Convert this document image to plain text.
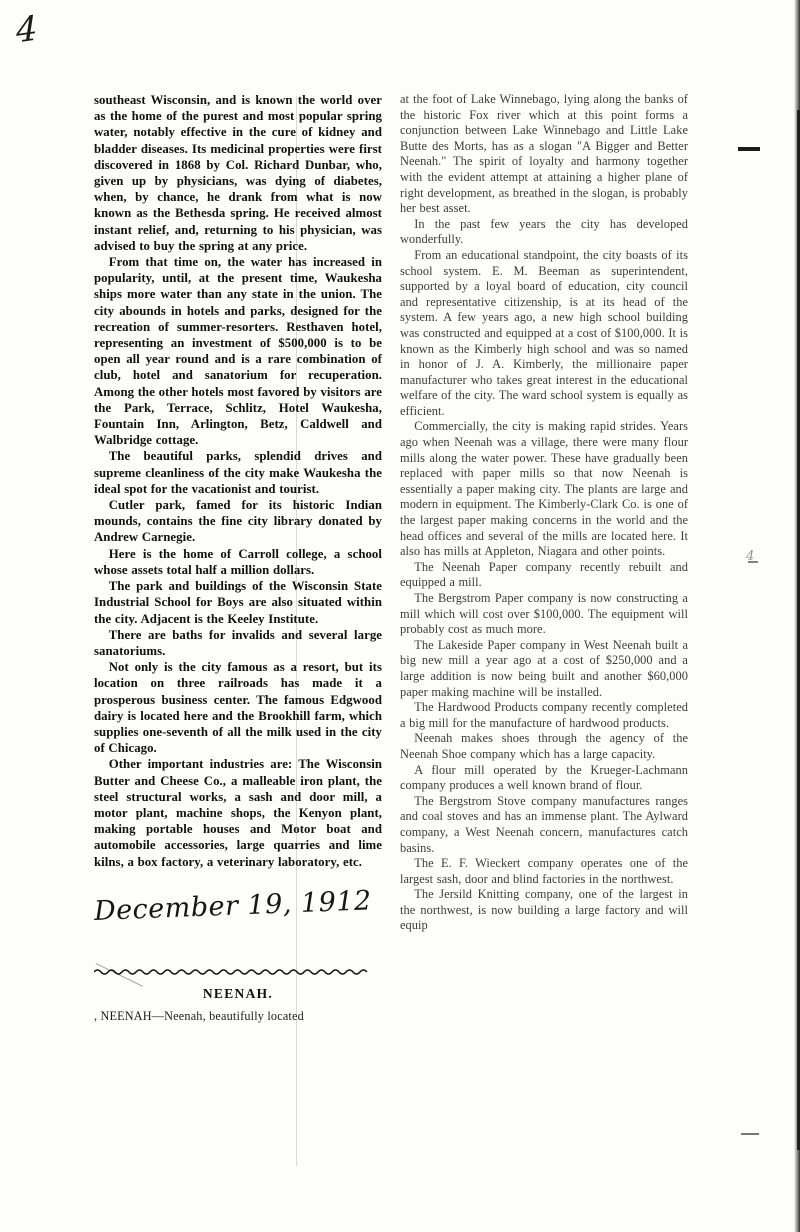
4
4

southeast Wisconsin, and is known the world over as the home of the purest and most popular spring water, notably effective in the cure of kidney and bladder diseases. Its medicinal properties were first discovered in 1868 by Col. Richard Dunbar, who, given up by physicians, was dying of diabetes, when, by chance, he drank from what is now known as the Bethesda spring. He received almost instant relief, and, returning to his physician, was advised to buy the spring at any price.

From that time on, the water has increased in popularity, until, at the present time, Waukesha ships more water than any state in the union. The city abounds in hotels and parks, designed for the recreation of summer-resorters. Resthaven hotel, representing an investment of $500,000 is to be open all year round and is a rare combination of club, hotel and sanatorium for recuperation. Among the other hotels most favored by visitors are the Park, Terrace, Schlitz, Hotel Waukesha, Fountain Inn, Arlington, Betz, Caldwell and Walbridge cottage.

The beautiful parks, splendid drives and supreme cleanliness of the city make Waukesha the ideal spot for the vacationist and tourist.

Cutler park, famed for its historic Indian mounds, contains the fine city library donated by Andrew Carnegie.

Here is the home of Carroll college, a school whose assets total half a million dollars.

The park and buildings of the Wisconsin State Industrial School for Boys are also situated within the city. Adjacent is the Keeley Institute.

There are baths for invalids and several large sanatoriums.

Not only is the city famous as a resort, but its location on three railroads has made it a prosperous business center. The famous Edgwood dairy is located here and the Brookhill farm, which supplies one-seventh of all the milk used in the city of Chicago.

Other important industries are: The Wisconsin Butter and Cheese Co., a malleable iron plant, the steel structural works, a sash and door mill, a motor plant, machine shops, the Kenyon plant, making portable houses and Motor boat and automobile accessories, large quarries and lime kilns, a box factory, a veterinary laboratory, etc.

December 19, 1912
NEENAH.
, NEENAH—Neenah, beautifully located

at the foot of Lake Winnebago, lying along the banks of the historic Fox river which at this point forms a conjunction between Lake Winnebago and Little Lake Butte des Morts, has as a slogan "A Bigger and Better Neenah." The spirit of loyalty and harmony together with the evident attempt at attaining a higher plane of right development, as breathed in the slogan, is probably her best asset.

In the past few years the city has developed wonderfully.

From an educational standpoint, the city boasts of its school system. E. M. Beeman as superintendent, supported by a loyal board of education, city council and representative citizenship, is at its head of the system. A few years ago, a new high school building was constructed and equipped at a cost of $100,000. It is known as the Kimberly high school and was so named in honor of J. A. Kimberly, the millionaire paper manufacturer who takes great interest in the educational welfare of the city. The ward school system is equally as efficient.

Commercially, the city is making rapid strides. Years ago when Neenah was a village, there were many flour mills along the water power. These have gradually been replaced with paper mills so that now Neenah is essentially a paper making city. The plants are large and modern in equipment. The Kimberly-Clark Co. is one of the largest paper making concerns in the world and the head offices and several of the mills are located here. It also has mills at Appleton, Niagara and other points.

The Neenah Paper company recently rebuilt and equipped a mill.

The Bergstrom Paper company is now constructing a mill which will cost over $100,000. The equipment will probably cost as much more.

The Lakeside Paper company in West Neenah built a big new mill a year ago at a cost of $250,000 and a large addition is now being built and another $60,000 paper making machine will be installed.

The Hardwood Products company recently completed a big mill for the manufacture of hardwood products.

Neenah makes shoes through the agency of the Neenah Shoe company which has a large capacity.

A flour mill operated by the Krueger-Lachmann company produces a well known brand of flour.

The Bergstrom Stove company manufactures ranges and coal stoves and has an immense plant. The Aylward company, a West Neenah concern, manufactures catch basins.

The E. F. Wieckert company operates one of the largest sash, door and blind factories in the northwest.

The Jersild Knitting company, one of the largest in the northwest, is now building a large factory and will equip
